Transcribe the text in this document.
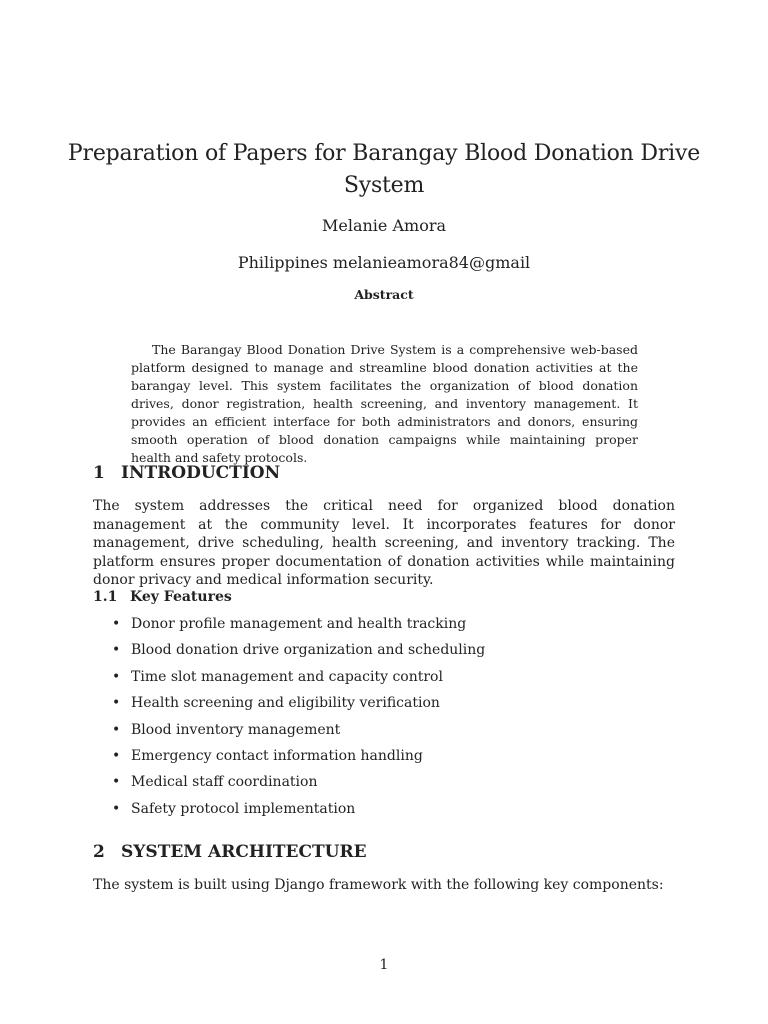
Preparation of Papers for Barangay Blood Donation Drive System
Melanie Amora
Philippines melanieamora84@gmail
Abstract
The Barangay Blood Donation Drive System is a comprehensive web-based platform designed to manage and streamline blood donation activities at the barangay level. This system facilitates the organization of blood donation drives, donor registration, health screening, and inventory management. It provides an efficient interface for both administrators and donors, ensuring smooth operation of blood donation campaigns while maintaining proper health and safety protocols.
1 INTRODUCTION
The system addresses the critical need for organized blood donation management at the community level. It incorporates features for donor management, drive scheduling, health screening, and inventory tracking. The platform ensures proper documentation of donation activities while maintaining donor privacy and medical information security.
1.1 Key Features
• Donor profile management and health tracking
• Blood donation drive organization and scheduling
• Time slot management and capacity control
• Health screening and eligibility verification
• Blood inventory management
• Emergency contact information handling
• Medical staff coordination
• Safety protocol implementation
2 SYSTEM ARCHITECTURE
The system is built using Django framework with the following key components:
1
